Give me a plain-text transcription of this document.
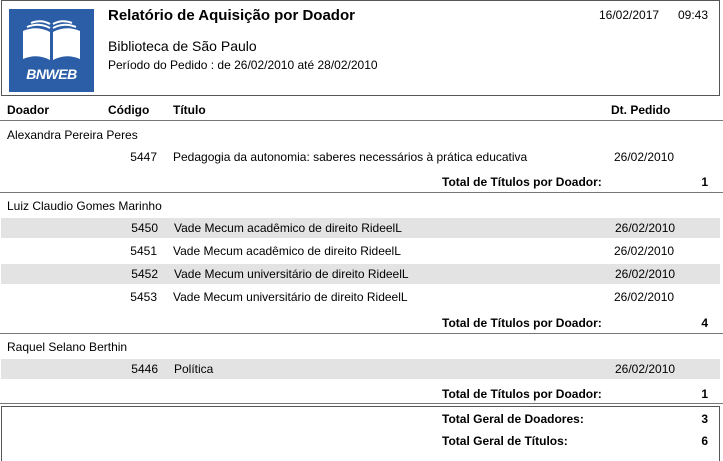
BNWEB
Relatório de Aquisição por Doador	16/02/2017 09:43
Biblioteca de São Paulo
Período do Pedido : de 26/02/2010 até 28/02/2010
Doador	Código Título	Dt. Pedido
Alexandra Pereira Peres
5447 Pedagogia da autonomia: saberes necessários à prática educativa	26/02/2010
Total de Títulos por Doador:	1
Luiz Claudio Gomes Marinho
5450 Vade Mecum acadêmico de direito RideelL	26/02/2010
5451 Vade Mecum acadêmico de direito RideelL	26/02/2010
5452 Vade Mecum universitário de direito RideelL	26/02/2010
5453 Vade Mecum universitário de direito RideelL	26/02/2010
Total de Títulos por Doador:	4
Raquel Selano Berthin
5446 Política	26/02/2010
Total de Títulos por Doador:	1
Total Geral de Doadores:	3
Total Geral de Títulos:	6
